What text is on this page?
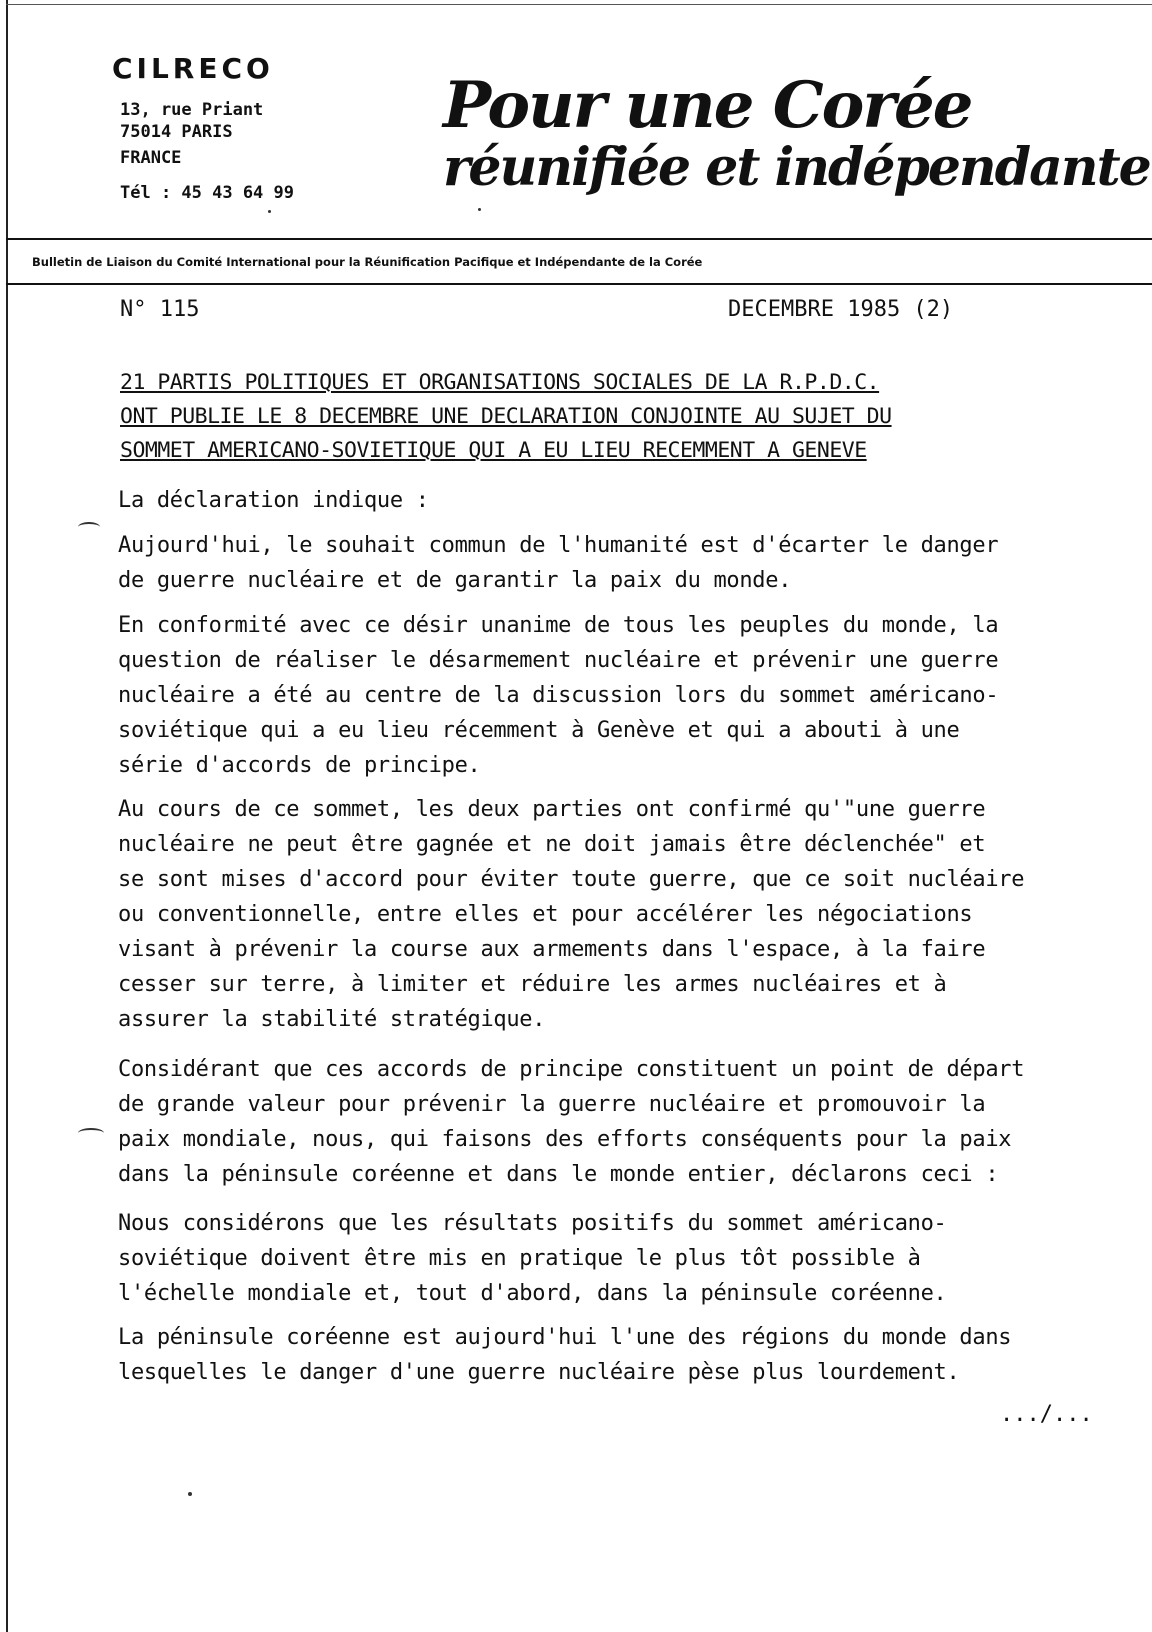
CILRECO
13, rue Priant
75014 PARIS
FRANCE
Tél : 45 43 64 99
Pour une Corée
réunifiée et indépendante
Bulletin de Liaison du Comité International pour la Réunification Pacifique et Indépendante de la Corée
N° 115	DECEMBRE 1985 (2)
21 PARTIS POLITIQUES ET ORGANISATIONS SOCIALES DE LA R.P.D.C.
ONT PUBLIE LE 8 DECEMBRE UNE DECLARATION CONJOINTE AU SUJET DU
SOMMET AMERICANO-SOVIETIQUE QUI A EU LIEU RECEMMENT A GENEVE
La déclaration indique :
Aujourd'hui, le souhait commun de l'humanité est d'écarter le danger
de guerre nucléaire et de garantir la paix du monde.
En conformité avec ce désir unanime de tous les peuples du monde, la
question de réaliser le désarmement nucléaire et prévenir une guerre
nucléaire a été au centre de la discussion lors du sommet américano-
soviétique qui a eu lieu récemment à Genève et qui a abouti à une
série d'accords de principe.
Au cours de ce sommet, les deux parties ont confirmé qu'"une guerre
nucléaire ne peut être gagnée et ne doit jamais être déclenchée" et
se sont mises d'accord pour éviter toute guerre, que ce soit nucléaire
ou conventionnelle, entre elles et pour accélérer les négociations
visant à prévenir la course aux armements dans l'espace, à la faire
cesser sur terre, à limiter et réduire les armes nucléaires et à
assurer la stabilité stratégique.
Considérant que ces accords de principe constituent un point de départ
de grande valeur pour prévenir la guerre nucléaire et promouvoir la
paix mondiale, nous, qui faisons des efforts conséquents pour la paix
dans la péninsule coréenne et dans le monde entier, déclarons ceci :
Nous considérons que les résultats positifs du sommet américano-
soviétique doivent être mis en pratique le plus tôt possible à
l'échelle mondiale et, tout d'abord, dans la péninsule coréenne.
La péninsule coréenne est aujourd'hui l'une des régions du monde dans
lesquelles le danger d'une guerre nucléaire pèse plus lourdement.
.../...
